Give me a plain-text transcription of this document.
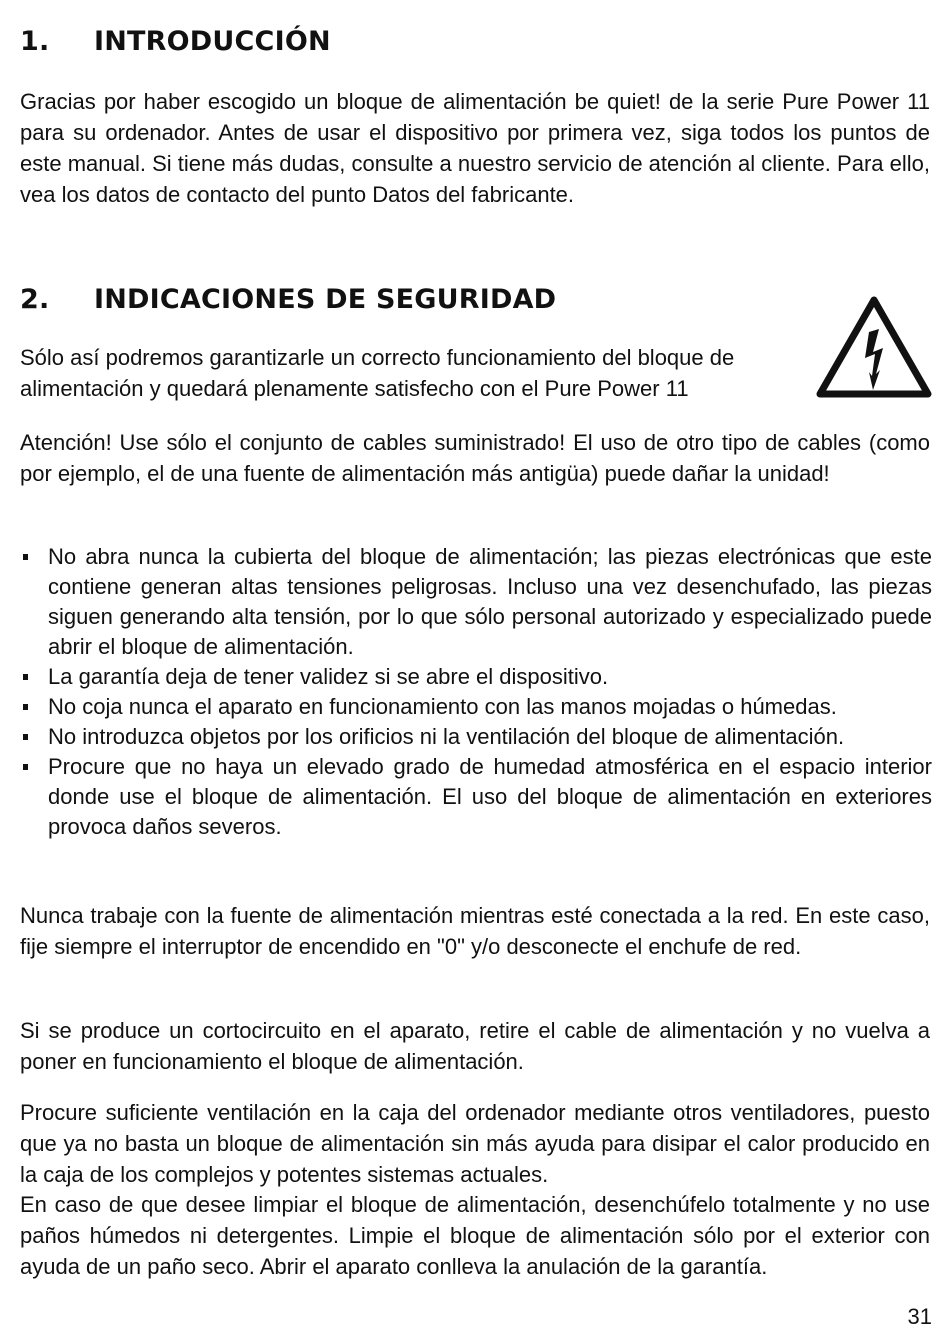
1. INTRODUCCIÓN

Gracias por haber escogido un bloque de alimentación be quiet! de la serie Pure Power 11 para su ordenador. Antes de usar el dispositivo por primera vez, siga todos los puntos de este manual. Si tiene más dudas, consulte a nuestro servicio de atención al cliente. Para ello, vea los datos de contacto del punto Datos del fabricante.

2. INDICACIONES DE SEGURIDAD

Sólo así podremos garantizarle un correcto funcionamiento del bloque de alimentación y quedará plenamente satisfecho con el Pure Power 11

Atención! Use sólo el conjunto de cables suministrado! El uso de otro tipo de cables (como por ejemplo, el de una fuente de alimentación más antigüa) puede dañar la unidad!

No abra nunca la cubierta del bloque de alimentación; las piezas electrónicas que este contiene generan altas tensiones peligrosas. Incluso una vez desenchufado, las piezas siguen generando alta tensión, por lo que sólo personal autorizado y especializado puede abrir el bloque de alimentación.
La garantía deja de tener validez si se abre el dispositivo.
No coja nunca el aparato en funcionamiento con las manos mojadas o húmedas.
No introduzca objetos por los orificios ni la ventilación del bloque de alimentación.
Procure que no haya un elevado grado de humedad atmosférica en el espacio interior donde use el bloque de alimentación. El uso del bloque de alimentación en exteriores provoca daños severos.

Nunca trabaje con la fuente de alimentación mientras esté conectada a la red. En este caso, fije siempre el interruptor de encendido en "0" y/o desconecte el enchufe de red.

Si se produce un cortocircuito en el aparato, retire el cable de alimentación y no vuelva a poner en funcionamiento el bloque de alimentación.

Procure suficiente ventilación en la caja del ordenador mediante otros ventiladores, puesto que ya no basta un bloque de alimentación sin más ayuda para disipar el calor producido en la caja de los complejos y potentes sistemas actuales.

En caso de que desee limpiar el bloque de alimentación, desenchúfelo totalmente y no use paños húmedos ni detergentes. Limpie el bloque de alimentación sólo por el exterior con ayuda de un paño seco. Abrir el aparato conlleva la anulación de la garantía.

31
